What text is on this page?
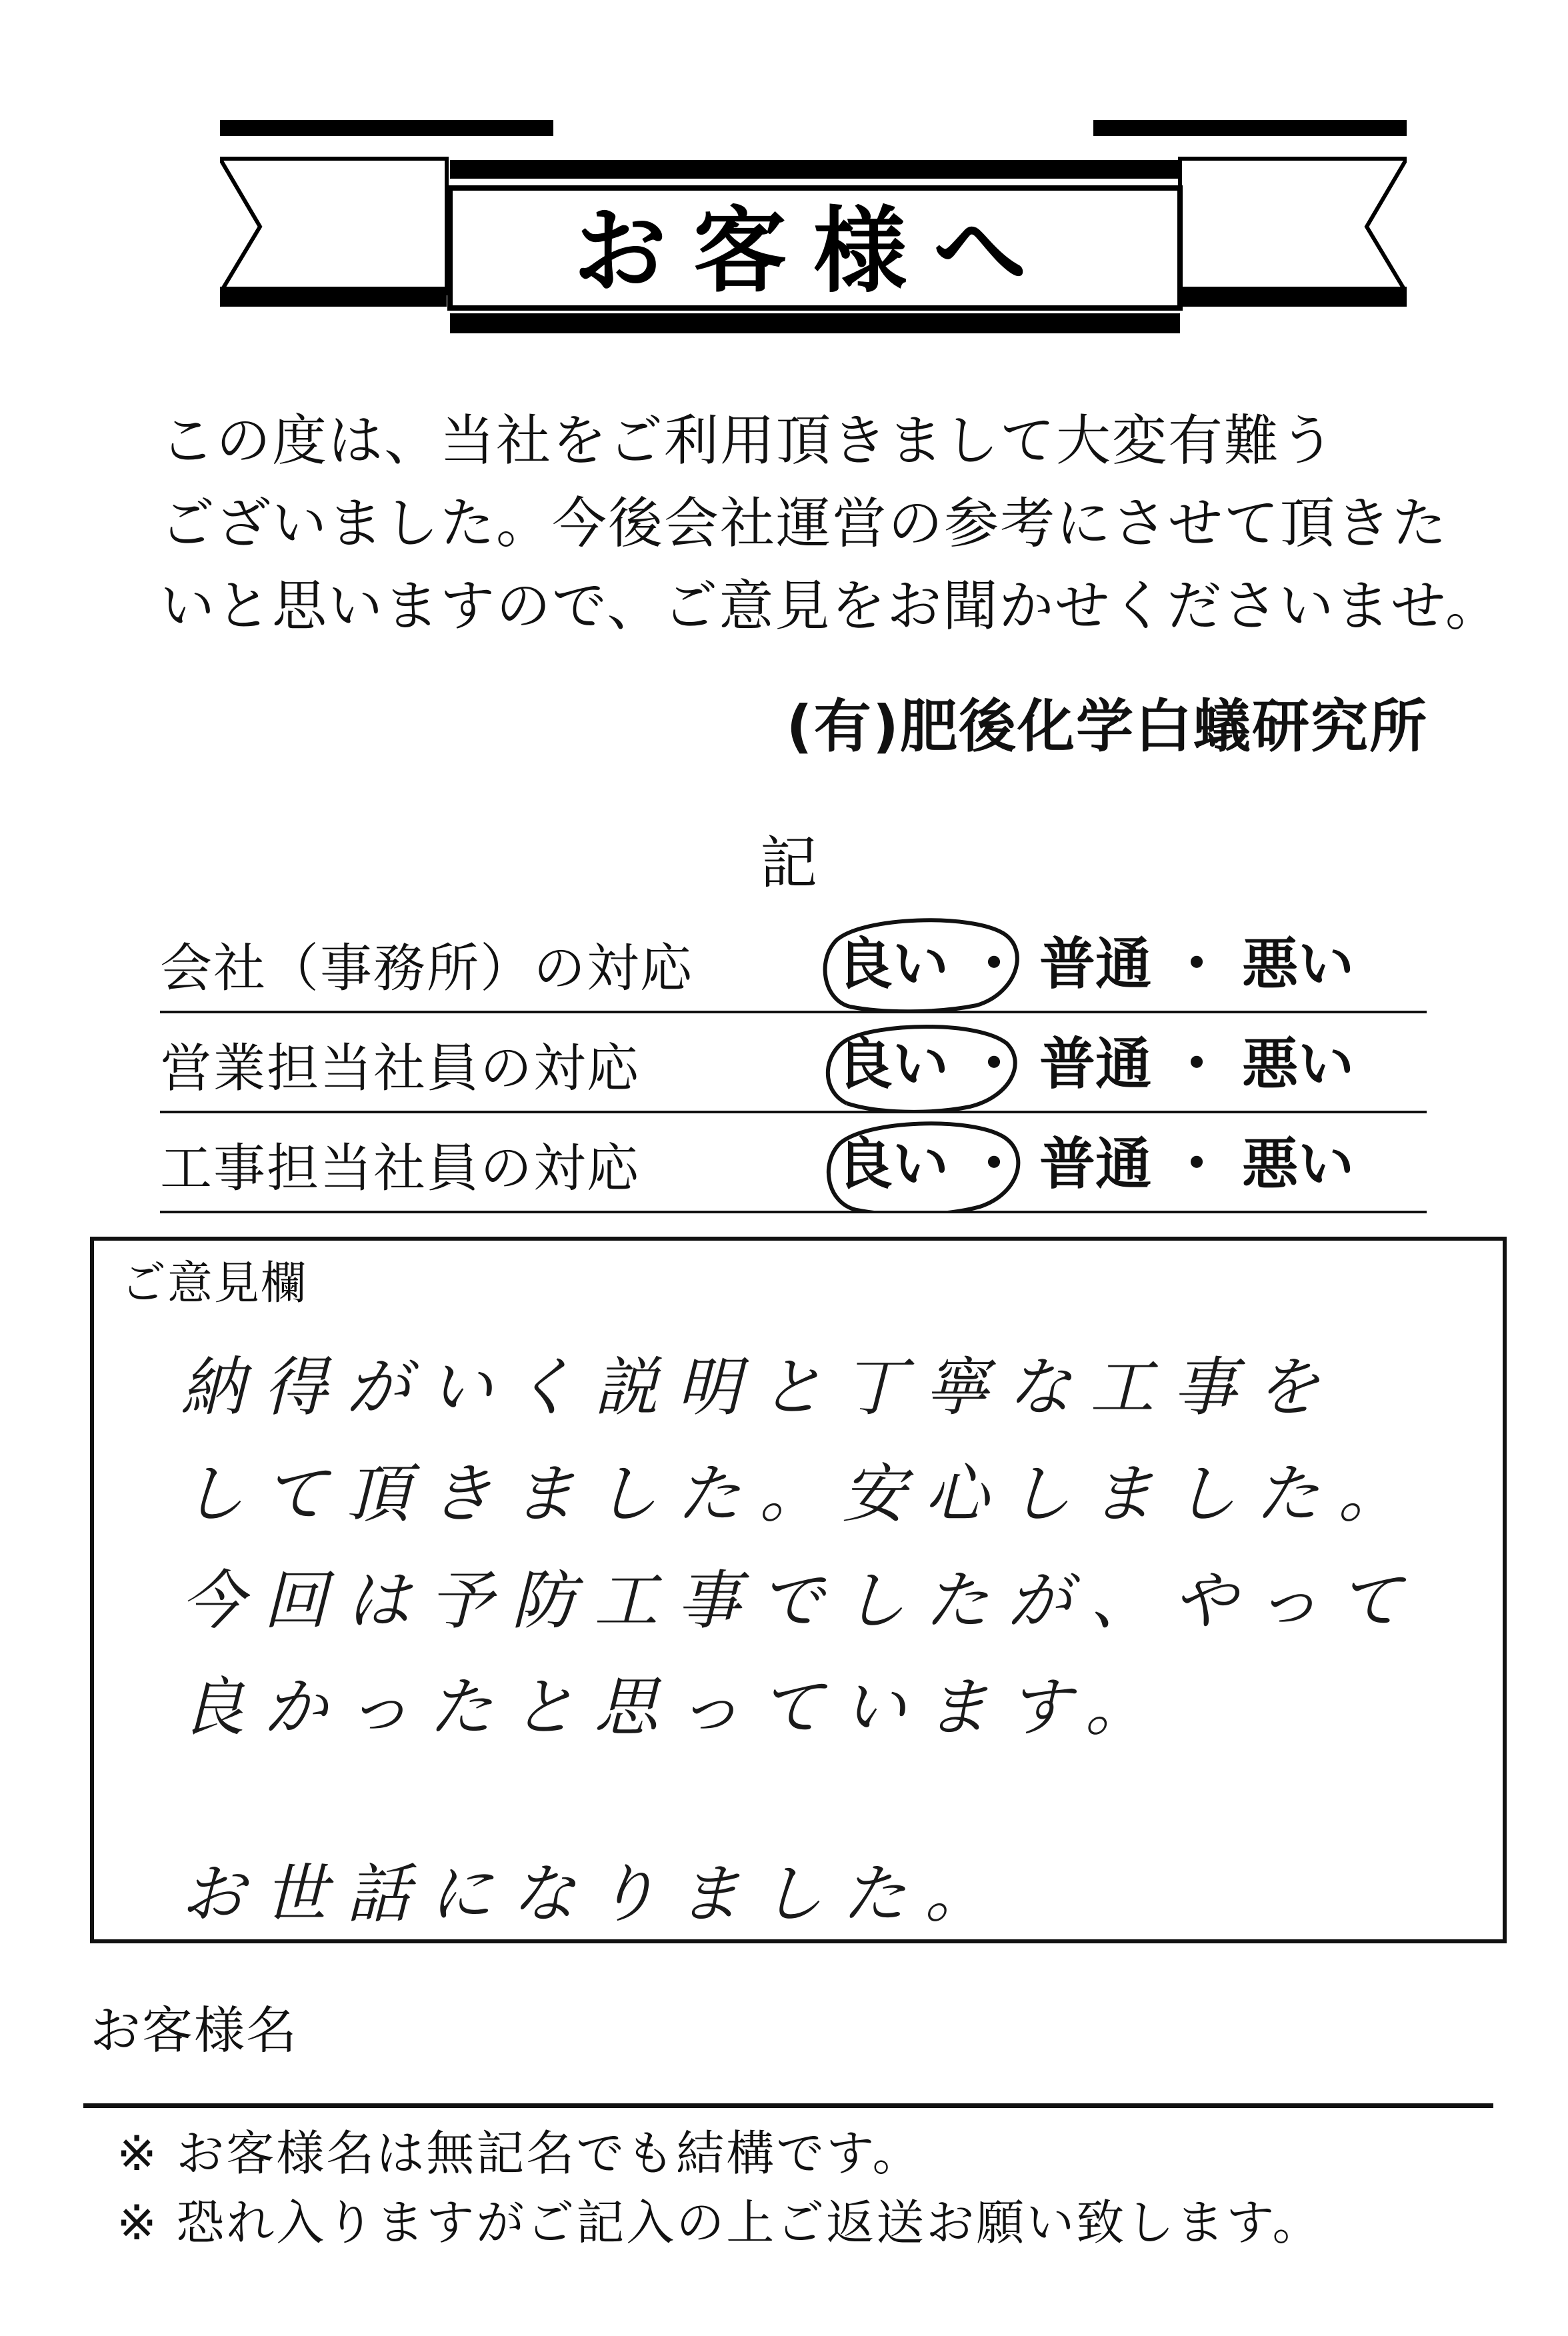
お客様へ
この度は、当社をご利用頂きまして大変有難う
ございました。今後会社運営の参考にさせて頂きた
いと思いますので、ご意見をお聞かせくださいませ。
(有)肥後化学白蟻研究所
記
会社（事務所）の対応	良い ・ 普通 ・ 悪い
営業担当社員の対応	良い ・ 普通 ・ 悪い
工事担当社員の対応	良い ・ 普通 ・ 悪い
ご意見欄
納得がいく説明と丁寧な工事を
して頂きました。安心しました。
今回は予防工事でしたが、やって
良かったと思っています。
お世話になりました。
お客様名
※ お客様名は無記名でも結構です。
※ 恐れ入りますがご記入の上ご返送お願い致します。
